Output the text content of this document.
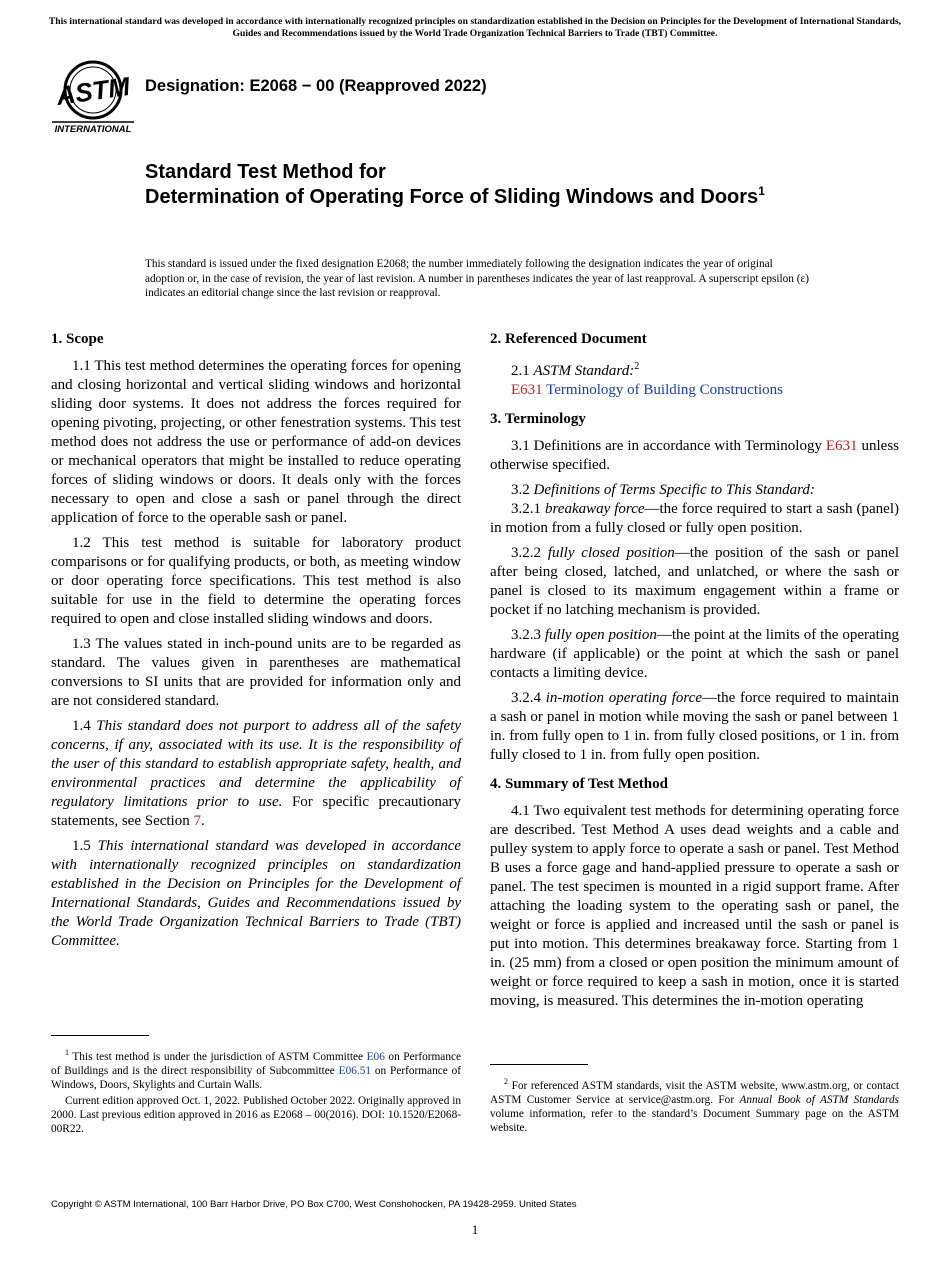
This international standard was developed in accordance with internationally recognized principles on standardization established in the Decision on Principles for the Development of International Standards, Guides and Recommendations issued by the World Trade Organization Technical Barriers to Trade (TBT) Committee.
ASTM
INTERNATIONAL
Designation: E2068 − 00 (Reapproved 2022)
Standard Test Method for
Determination of Operating Force of Sliding Windows and Doors$^1$
This standard is issued under the fixed designation E2068; the number immediately following the designation indicates the year of original adoption or, in the case of revision, the year of last revision. A number in parentheses indicates the year of last reapproval. A superscript epsilon (ε) indicates an editorial change since the last revision or reapproval.
1. Scope

1.1 This test method determines the operating forces for opening and closing horizontal and vertical sliding windows and horizontal sliding door systems. It does not address the forces required for opening pivoting, projecting, or other fenestration systems. This test method does not address the use or performance of add-on devices or mechanical operators that might be installed to reduce operating forces of sliding windows or doors. It deals only with the forces necessary to open and close a sash or panel through the direct application of force to the operable sash or panel.

1.2 This test method is suitable for laboratory product comparisons or for qualifying products, or both, as meeting window or door operating force specifications. This test method is also suitable for use in the field to determine the operating forces required to open and close installed sliding windows and doors.

1.3 The values stated in inch-pound units are to be regarded as standard. The values given in parentheses are mathematical conversions to SI units that are provided for information only and are not considered standard.

1.4 This standard does not purport to address all of the safety concerns, if any, associated with its use. It is the responsibility of the user of this standard to establish appropriate safety, health, and environmental practices and determine the applicability of regulatory limitations prior to use. For specific precautionary statements, see Section 7.

1.5 This international standard was developed in accordance with internationally recognized principles on standardization established in the Decision on Principles for the Development of International Standards, Guides and Recommendations issued by the World Trade Organization Technical Barriers to Trade (TBT) Committee.

2. Referenced Document

2.1 ASTM Standard:$^2$

E631 Terminology of Building Constructions

3. Terminology

3.1 Definitions are in accordance with Terminology E631 unless otherwise specified.

3.2 Definitions of Terms Specific to This Standard:

3.2.1 breakaway force—the force required to start a sash (panel) in motion from a fully closed or fully open position.

3.2.2 fully closed position—the position of the sash or panel after being closed, latched, and unlatched, or where the sash or panel is closed to its maximum engagement within a frame or pocket if no latching mechanism is provided.

3.2.3 fully open position—the point at the limits of the operating hardware (if applicable) or the point at which the sash or panel contacts a limiting device.

3.2.4 in-motion operating force—the force required to maintain a sash or panel in motion while moving the sash or panel between 1 in. from fully open to 1 in. from fully closed positions, or 1 in. from fully closed to 1 in. from fully open position.

4. Summary of Test Method

4.1 Two equivalent test methods for determining operating force are described. Test Method A uses dead weights and a cable and pulley system to apply force to operate a sash or panel. Test Method B uses a force gage and hand-applied pressure to operate a sash or panel. The test specimen is mounted in a rigid support frame. After attaching the loading system to the operating sash or panel, the weight or force is applied and increased until the sash or panel is put into motion. This determines breakaway force. Starting from 1 in. (25 mm) from a closed or open position the minimum amount of weight or force required to keep a sash in motion, once it is started moving, is measured. This determines the in-motion operating

$^1$ This test method is under the jurisdiction of ASTM Committee E06 on Performance of Buildings and is the direct responsibility of Subcommittee E06.51 on Performance of Windows, Doors, Skylights and Curtain Walls.

Current edition approved Oct. 1, 2022. Published October 2022. Originally approved in 2000. Last previous edition approved in 2016 as E2068 – 00(2016). DOI: 10.1520/E2068-00R22.

$^2$ For referenced ASTM standards, visit the ASTM website, www.astm.org, or contact ASTM Customer Service at service@astm.org. For Annual Book of ASTM Standards volume information, refer to the standard’s Document Summary page on the ASTM website.

Copyright © ASTM International, 100 Barr Harbor Drive, PO Box C700, West Conshohocken, PA 19428-2959. United States
1
